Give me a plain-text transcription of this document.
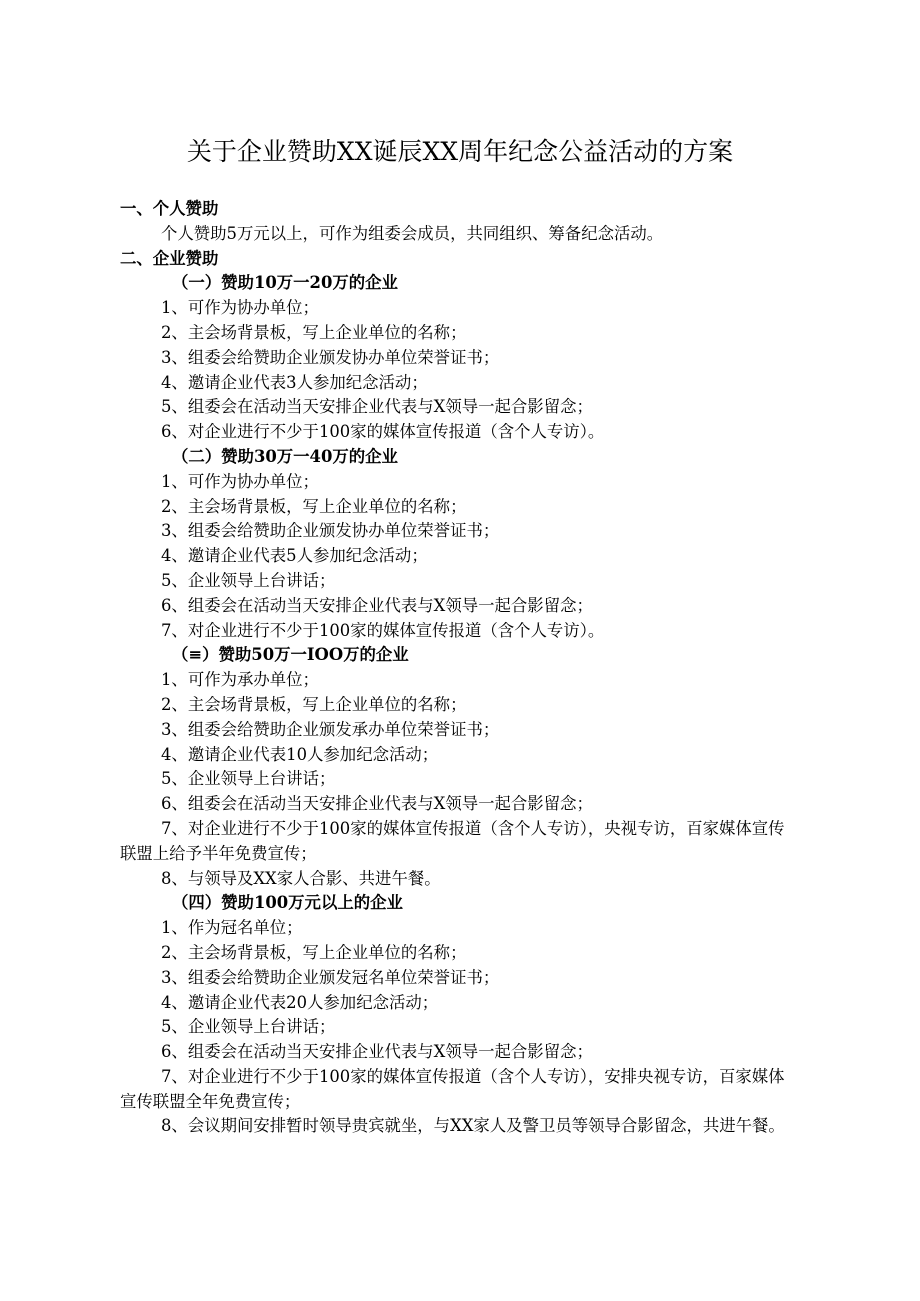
关于企业赞助XX诞辰XX周年纪念公益活动的方案
一、个人赞助
个人赞助5万元以上，可作为组委会成员，共同组织、筹备纪念活动。
二、企业赞助
（一）赞助10万一20万的企业
1、可作为协办单位；
2、主会场背景板，写上企业单位的名称；
3、组委会给赞助企业颁发协办单位荣誉证书；
4、邀请企业代表3人参加纪念活动；
5、组委会在活动当天安排企业代表与X领导一起合影留念；
6、对企业进行不少于100家的媒体宣传报道（含个人专访）。
（二）赞助30万一40万的企业
1、可作为协办单位；
2、主会场背景板，写上企业单位的名称；
3、组委会给赞助企业颁发协办单位荣誉证书；
4、邀请企业代表5人参加纪念活动；
5、企业领导上台讲话；
6、组委会在活动当天安排企业代表与X领导一起合影留念；
7、对企业进行不少于100家的媒体宣传报道（含个人专访）。
（≡）赞助50万一IOO万的企业
1、可作为承办单位；
2、主会场背景板，写上企业单位的名称；
3、组委会给赞助企业颁发承办单位荣誉证书；
4、邀请企业代表10人参加纪念活动；
5、企业领导上台讲话；
6、组委会在活动当天安排企业代表与X领导一起合影留念；
7、对企业进行不少于100家的媒体宣传报道（含个人专访），央视专访，百家媒体宣传联盟上给予半年免费宣传；
8、与领导及XX家人合影、共进午餐。
（四）赞助100万元以上的企业
1、作为冠名单位；
2、主会场背景板，写上企业单位的名称；
3、组委会给赞助企业颁发冠名单位荣誉证书；
4、邀请企业代表20人参加纪念活动；
5、企业领导上台讲话；
6、组委会在活动当天安排企业代表与X领导一起合影留念；
7、对企业进行不少于100家的媒体宣传报道（含个人专访），安排央视专访，百家媒体宣传联盟全年免费宣传；
8、会议期间安排暂时领导贵宾就坐，与XX家人及警卫员等领导合影留念，共进午餐。
